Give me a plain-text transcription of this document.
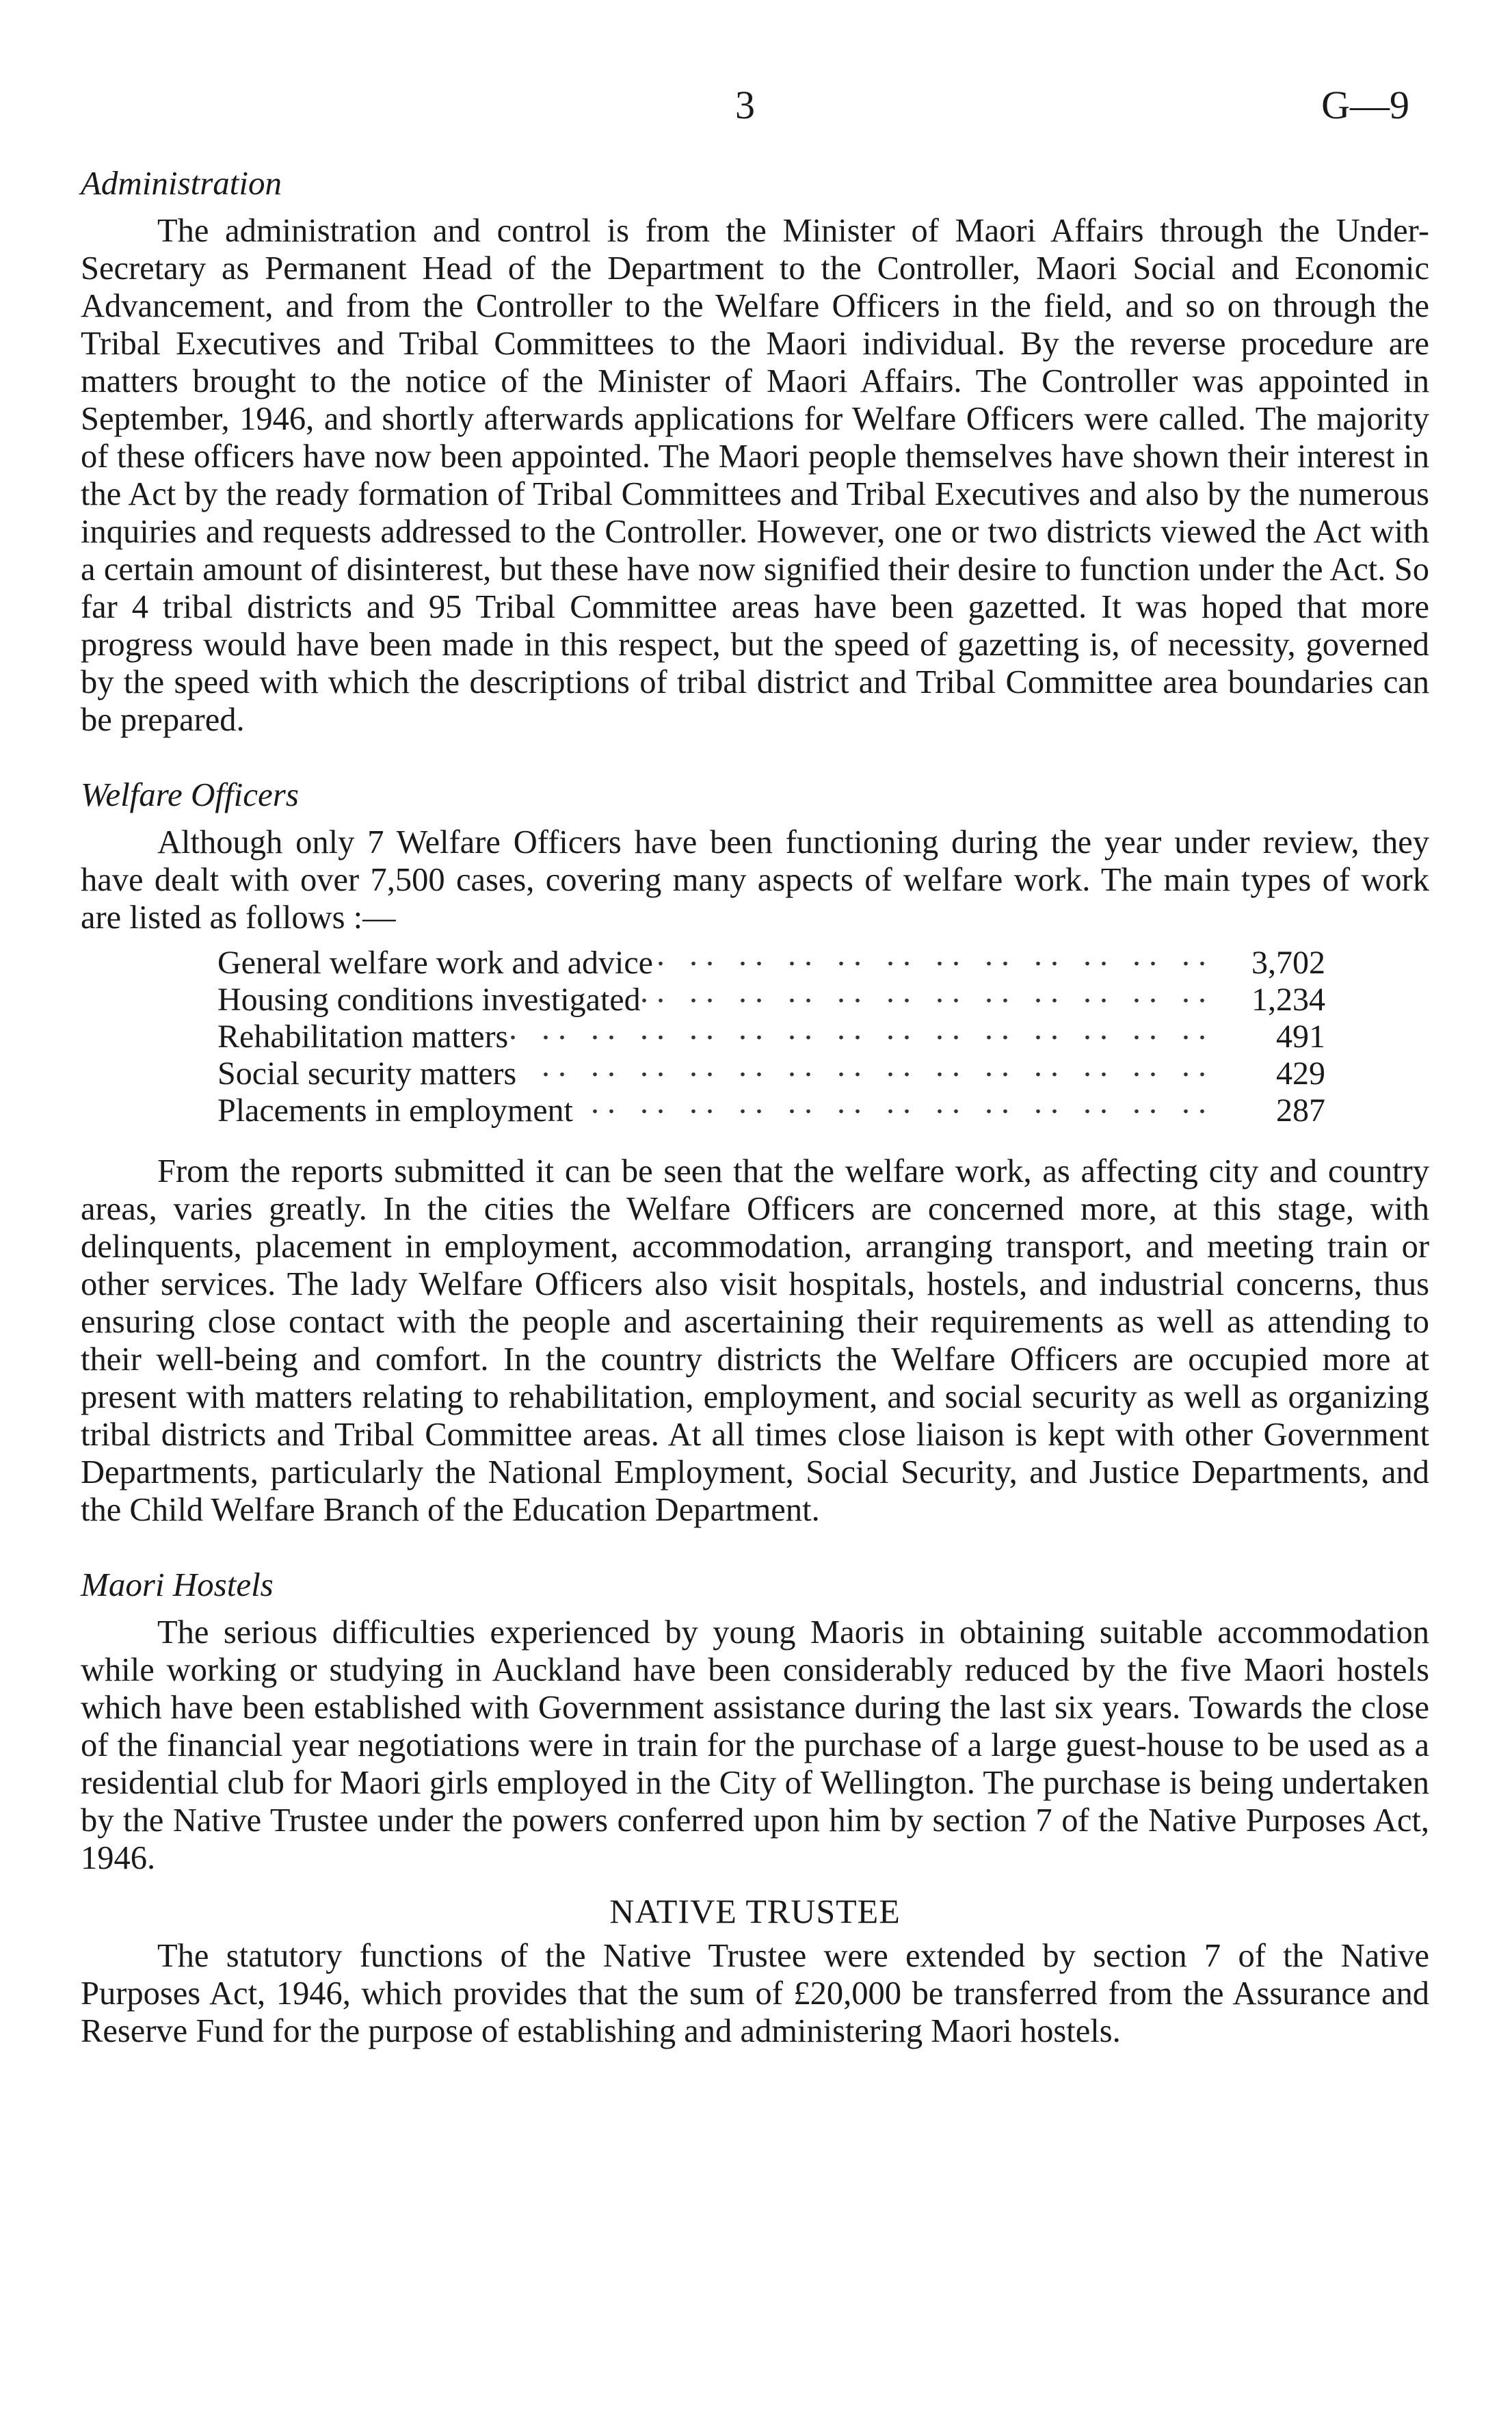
3	G—9
Administration

The administration and control is from the Minister of Maori Affairs through the Under-Secretary as Permanent Head of the Department to the Controller, Maori Social and Economic Advancement, and from the Controller to the Welfare Officers in the field, and so on through the Tribal Executives and Tribal Committees to the Maori individual. By the reverse procedure are matters brought to the notice of the Minister of Maori Affairs. The Controller was appointed in September, 1946, and shortly afterwards applications for Welfare Officers were called. The majority of these officers have now been appointed. The Maori people themselves have shown their interest in the Act by the ready formation of Tribal Committees and Tribal Executives and also by the numerous inquiries and requests addressed to the Controller. However, one or two districts viewed the Act with a certain amount of disinterest, but these have now signified their desire to function under the Act. So far 4 tribal districts and 95 Tribal Committee areas have been gazetted. It was hoped that more progress would have been made in this respect, but the speed of gazetting is, of necessity, governed by the speed with which the descriptions of tribal district and Tribal Committee area boundaries can be prepared.

Welfare Officers

Although only 7 Welfare Officers have been functioning during the year under review, they have dealt with over 7,500 cases, covering many aspects of welfare work. The main types of work are listed as follows :—

General welfare work and advice . .	3,702
Housing conditions investigated . .	1,234
Rehabilitation matters . .	491
Social security matters . .	429
Placements in employment . .	287

From the reports submitted it can be seen that the welfare work, as affecting city and country areas, varies greatly. In the cities the Welfare Officers are concerned more, at this stage, with delinquents, placement in employment, accommodation, arranging transport, and meeting train or other services. The lady Welfare Officers also visit hospitals, hostels, and industrial concerns, thus ensuring close contact with the people and ascertaining their requirements as well as attending to their well-being and comfort. In the country districts the Welfare Officers are occupied more at present with matters relating to rehabilitation, employment, and social security as well as organizing tribal districts and Tribal Committee areas. At all times close liaison is kept with other Government Departments, particularly the National Employment, Social Security, and Justice Departments, and the Child Welfare Branch of the Education Department.

Maori Hostels

The serious difficulties experienced by young Maoris in obtaining suitable accommodation while working or studying in Auckland have been considerably reduced by the five Maori hostels which have been established with Government assistance during the last six years. Towards the close of the financial year negotiations were in train for the purchase of a large guest-house to be used as a residential club for Maori girls employed in the City of Wellington. The purchase is being undertaken by the Native Trustee under the powers conferred upon him by section 7 of the Native Purposes Act, 1946.

NATIVE TRUSTEE

The statutory functions of the Native Trustee were extended by section 7 of the Native Purposes Act, 1946, which provides that the sum of £20,000 be transferred from the Assurance and Reserve Fund for the purpose of establishing and administering Maori hostels.
